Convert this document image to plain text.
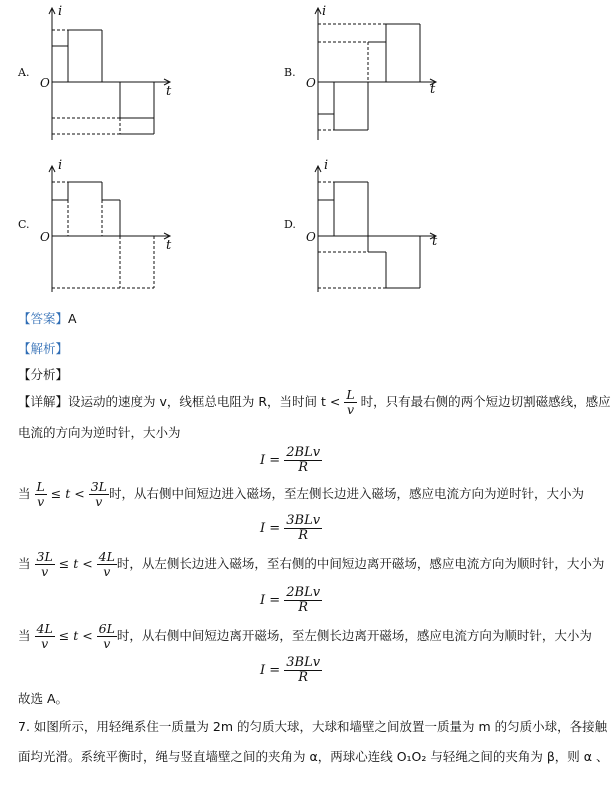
i
t
O
A.
i
t
O
B.
i
t
O
C.
i
t
O
D.
【答案】A
【解析】
【分析】
【详解】设运动的速度为 v，线框总电阻为 R，当时间 $t < \frac{L}{v}$ 时，只有最右侧的两个短边切割磁感线，感应
电流的方向为逆时针，大小为
$I = \frac{\text{2BLv}}{R}$
当 $\frac{L}{v} \le t < \frac{3L}{v}$ 时，从右侧中间短边进入磁场，至左侧长边进入磁场，感应电流方向为逆时针，大小为
$I = \frac{\text{3BLv}}{R}$
当 $\frac{3L}{v} \le t < \frac{4L}{v}$ 时，从左侧长边进入磁场，至右侧的中间短边离开磁场，感应电流方向为顺时针，大小为
$I = \frac{\text{2BLv}}{R}$
当 $\frac{4L}{v} \le t < \frac{6L}{v}$ 时，从右侧中间短边离开磁场，至左侧长边离开磁场，感应电流方向为顺时针，大小为
$I = \frac{\text{3BLv}}{R}$
故选 A。
7. 如图所示，用轻绳系住一质量为 2m 的匀质大球，大球和墙壁之间放置一质量为 m 的匀质小球，各接触
面均光滑。系统平衡时，绳与竖直墙壁之间的夹角为 α，两球心连线 O₁O₂ 与轻绳之间的夹角为 β，则 α 、
